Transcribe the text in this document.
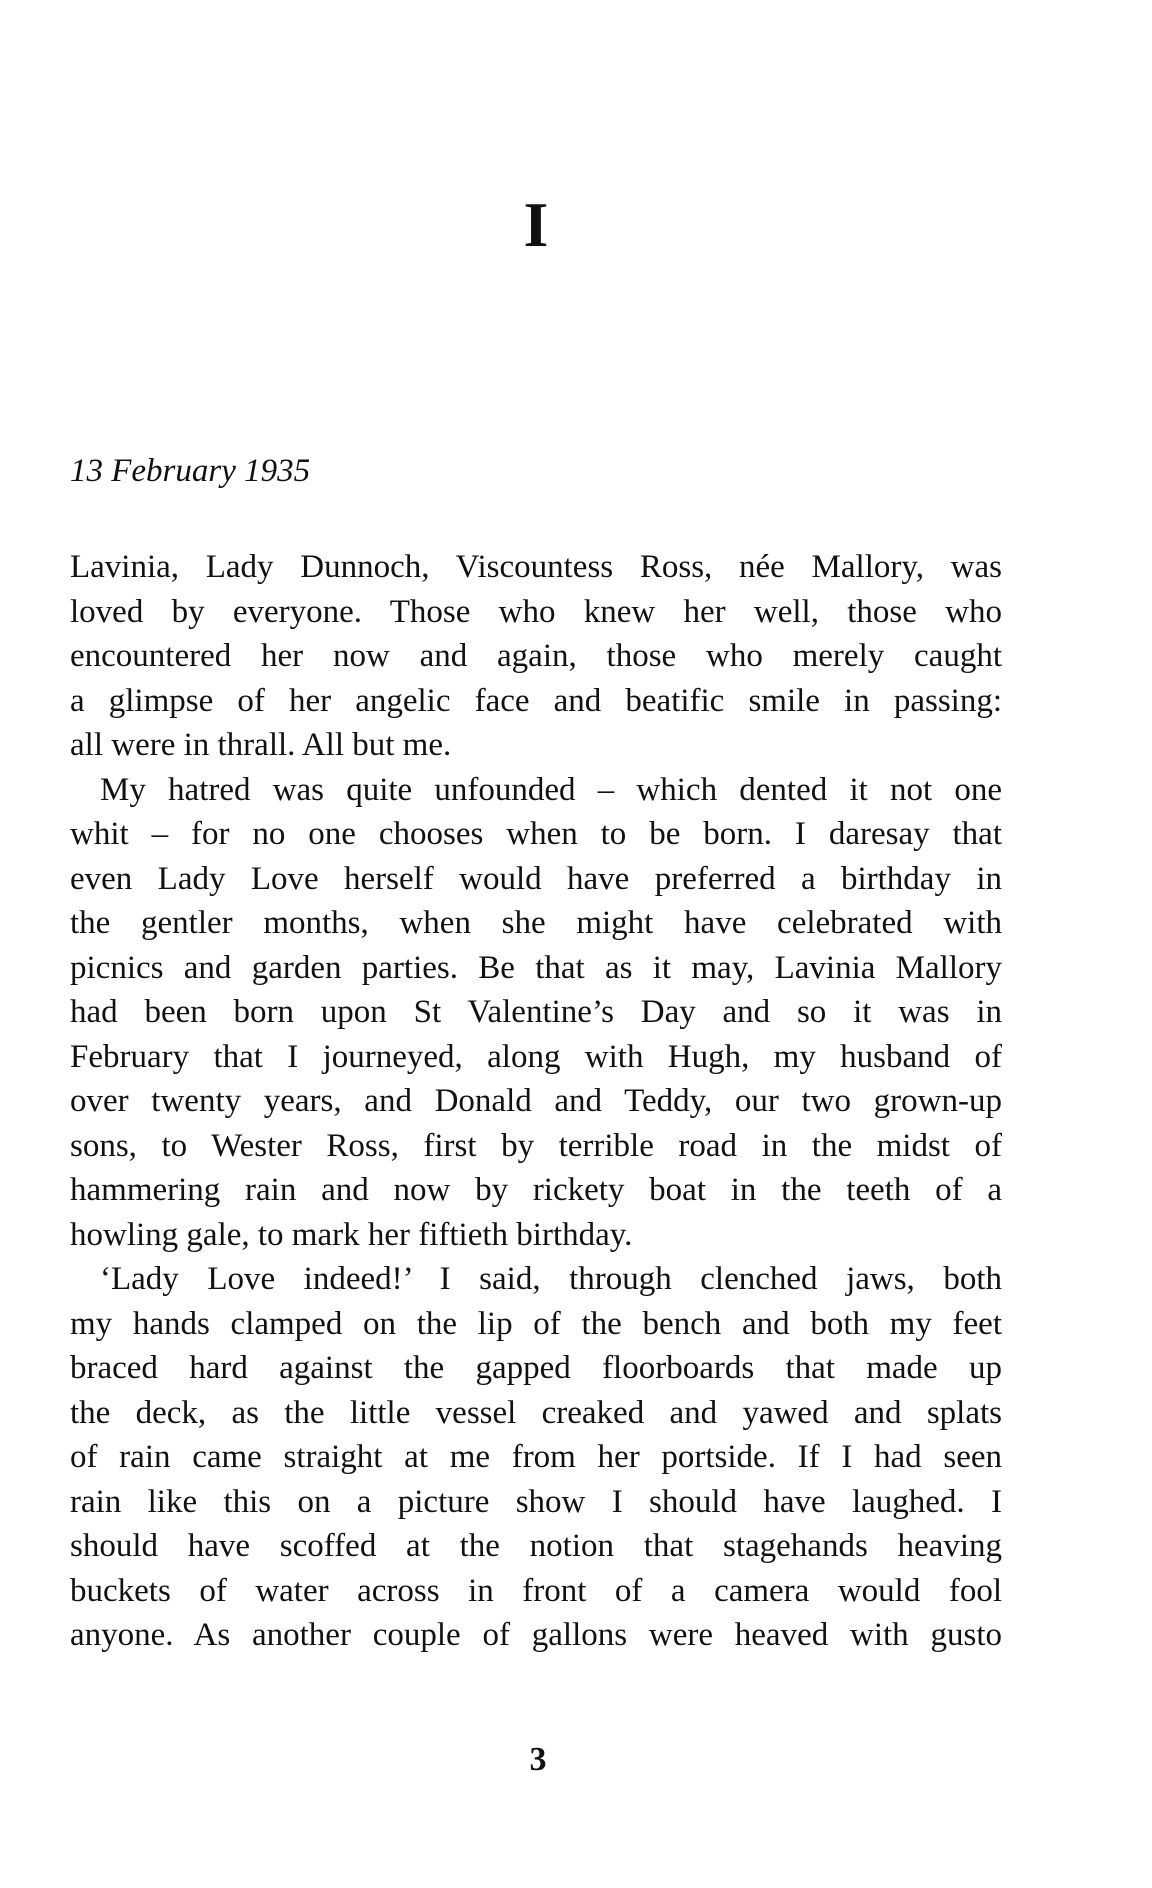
I
13 February 1935
Lavinia, Lady Dunnoch, Viscountess Ross, née Mallory, was
loved by everyone. Those who knew her well, those who
encountered her now and again, those who merely caught
a glimpse of her angelic face and beatific smile in passing:
all were in thrall. All but me.
My hatred was quite unfounded – which dented it not one
whit – for no one chooses when to be born. I daresay that
even Lady Love herself would have preferred a birthday in
the gentler months, when she might have celebrated with
picnics and garden parties. Be that as it may, Lavinia Mallory
had been born upon St Valentine’s Day and so it was in
February that I journeyed, along with Hugh, my husband of
over twenty years, and Donald and Teddy, our two grown-up
sons, to Wester Ross, first by terrible road in the midst of
hammering rain and now by rickety boat in the teeth of a
howling gale, to mark her fiftieth birthday.
‘Lady Love indeed!’ I said, through clenched jaws, both
my hands clamped on the lip of the bench and both my feet
braced hard against the gapped floorboards that made up
the deck, as the little vessel creaked and yawed and splats
of rain came straight at me from her portside. If I had seen
rain like this on a picture show I should have laughed. I
should have scoffed at the notion that stagehands heaving
buckets of water across in front of a camera would fool
anyone. As another couple of gallons were heaved with gusto
3
